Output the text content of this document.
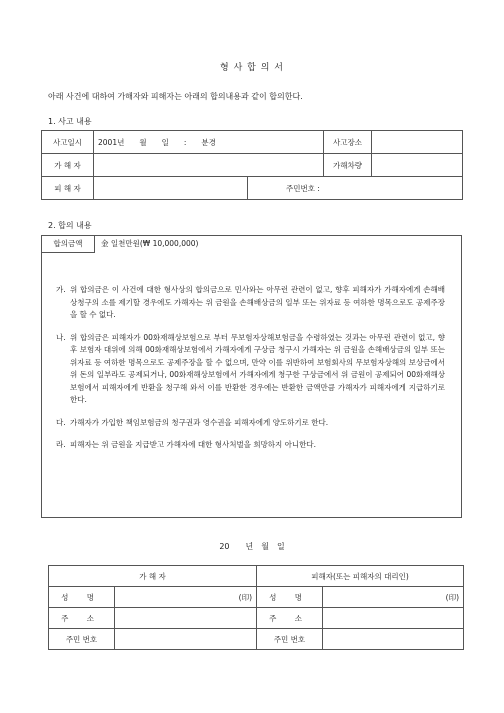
형 사 합 의 서
아래 사건에 대하여 가해자와 피해자는 아래의 합의내용과 같이 합의한다.
1. 사고 내용
사고일시	2001년　　월　　일　　:　　분경		사고장소	
가 해 자			가해차량	
피 해 자		주민번호 :		
2. 합의 내용
합의금액	金 일천만원(₩ 10,000,000)
가. 위 합의금은 이 사건에 대한 형사상의 합의금으로 민사와는 아무런 관련이 없고, 향후 피해자가 가해자에게 손해배상청구의 소를 제기할 경우에도 가해자는 위 금원을 손해배상금의 일부 또는 위자료 등 여하한 명목으로도 공제주장을 할 수 없다.
나. 위 합의금은 피해자가 00화재해상보험으로 부터 무보험자상해보험금을 수령하였는 것과는 아무런 관련이 없고, 향후 보험자 대위에 의해 00화재해상보험에서 가해자에게 구상금 청구시 가해자는 위 금원을 손해배상금의 일부 또는 위자료 등 여하한 명목으로도 공제주장을 할 수 없으며, 만약 이를 위반하여 보험회사의 무보험자상해의 보상금에서 위 돈의 일부라도 공제되거나, 00화재해상보험에서 가해자에게 청구한 구상금에서 위 금원이 공제되어 00화재해상보험에서 피해자에게 반환을 청구해 와서 이를 반환한 경우에는 반환한 금액만큼 가해자가 피해자에게 지급하기로 한다.
다. 가해자가 가입한 책임보험금의 청구권과 영수권을 피해자에게 양도하기로 한다.
라. 피해자는 위 금원을 지급받고 가해자에 대한 형사처벌을 희망하지 아니한다.
20　　년　월　일
가 해 자		피해자(또는 피해자의 대리인)	
성 명	(印)	성 명	(印)
주 소		주 소	
주민 번호		주민 번호	
